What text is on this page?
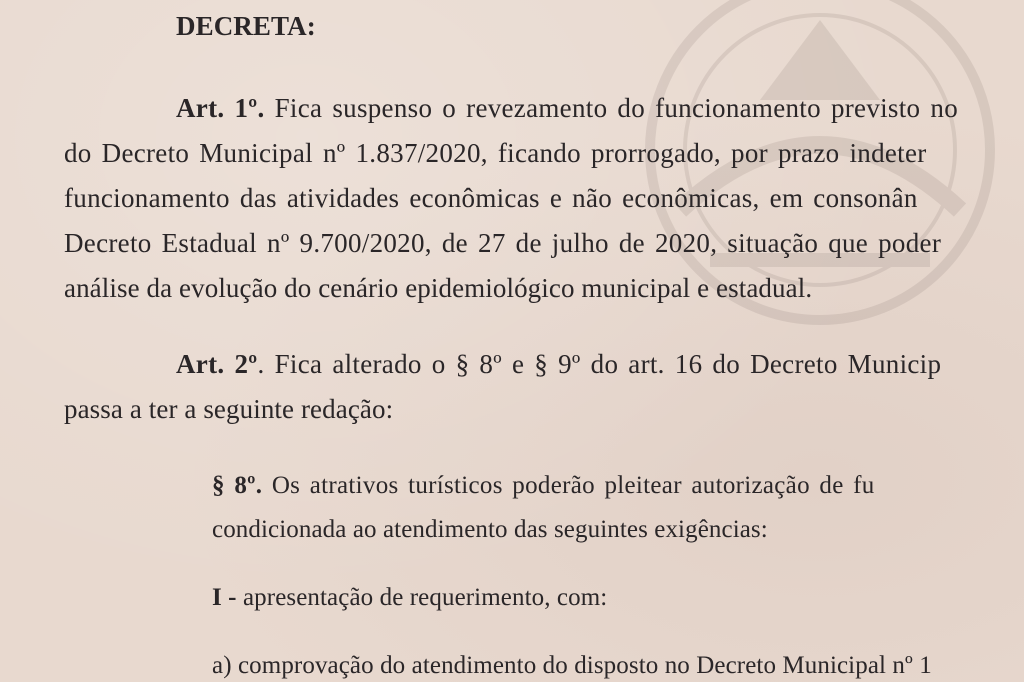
DECRETA:
Art. 1º. Fica suspenso o revezamento do funcionamento previsto no
do Decreto Municipal nº 1.837/2020, ficando prorrogado, por prazo indeter
funcionamento das atividades econômicas e não econômicas, em consonân
Decreto Estadual nº 9.700/2020, de 27 de julho de 2020, situação que poder
análise da evolução do cenário epidemiológico municipal e estadual.
Art. 2º. Fica alterado o § 8º e § 9º do art. 16 do Decreto Municip
passa a ter a seguinte redação:
§ 8º. Os atrativos turísticos poderão pleitear autorização de fu
condicionada ao atendimento das seguintes exigências:
I - apresentação de requerimento, com:
a) comprovação do atendimento do disposto no Decreto Municipal nº 1
